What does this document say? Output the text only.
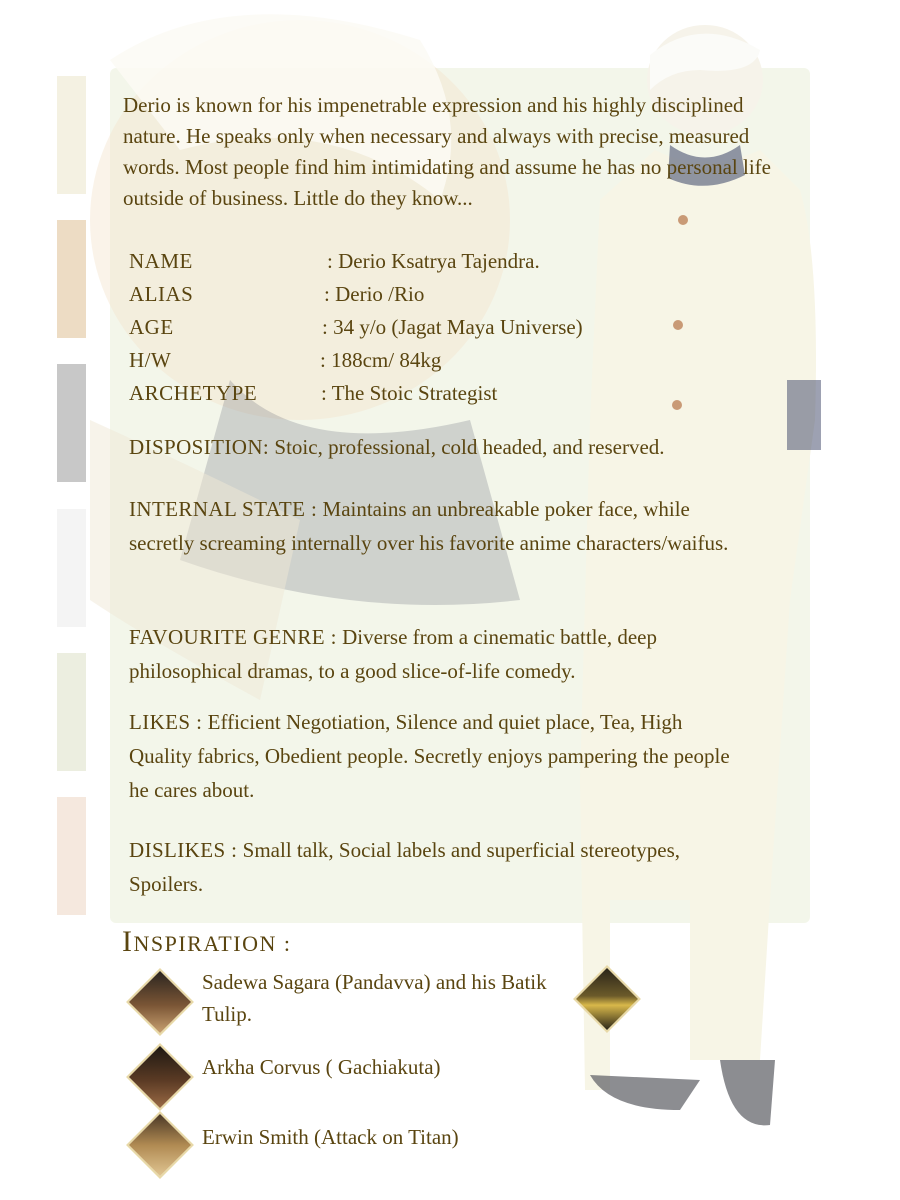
Derio is known for his impenetrable expression and his highly disciplined nature. He speaks only when necessary and always with precise, measured words. Most people find him intimidating and assume he has no personal life outside of business. Little do they know...
NAME	: Derio Ksatrya Tajendra.
ALIAS	: Derio /Rio
AGE	: 34 y/o (Jagat Maya Universe)
H/W	: 188cm/ 84kg
ARCHETYPE	: The Stoic Strategist
DISPOSITION: Stoic, professional, cold headed, and reserved.
INTERNAL STATE : Maintains an unbreakable poker face, while secretly screaming internally over his favorite anime characters/waifus.
FAVOURITE GENRE : Diverse from a cinematic battle, deep philosophical dramas, to a good slice-of-life comedy.
LIKES : Efficient Negotiation, Silence and quiet place, Tea, High Quality fabrics, Obedient people. Secretly enjoys pampering the people he cares about.
DISLIKES : Small talk, Social labels and superficial stereotypes, Spoilers.
INSPIRATION :
Sadewa Sagara (Pandavva) and his Batik Tulip.
Arkha Corvus ( Gachiakuta)
Erwin Smith (Attack on Titan)
